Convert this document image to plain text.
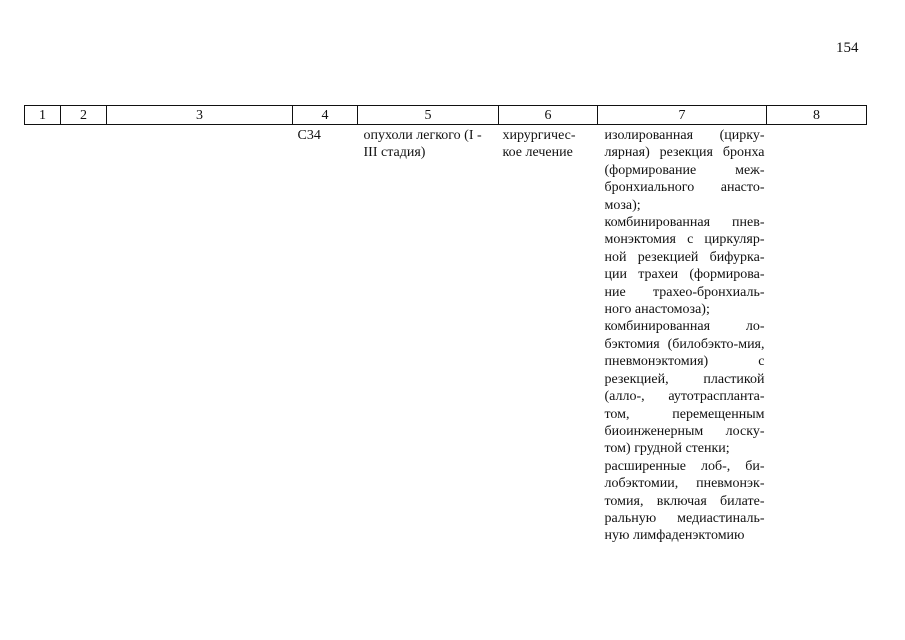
154
1	2	3	4	5	6	7	8
			C34	опухоли легкого (I - III стадия)	хирургичес-кое лечение	изолированная (цирку-лярная) резекция бронха (формирование меж-бронхиального анасто-моза);
комбинированная пнев-монэктомия с циркуляр-ной резекцией бифурка-ции трахеи (формирова-ние трахео-бронхиаль-ного анастомоза);
комбинированная ло-бэктомия (билобэкто-мия, пневмонэктомия) с резекцией, пластикой (алло-, аутотрасплантa-том, перемещенным биоинженерным лоску-том) грудной стенки;
расширенные лоб-, би-лобэктомии, пневмонэк-томия, включая билате-ральную медиастиналь-ную лимфаденэктомию	
